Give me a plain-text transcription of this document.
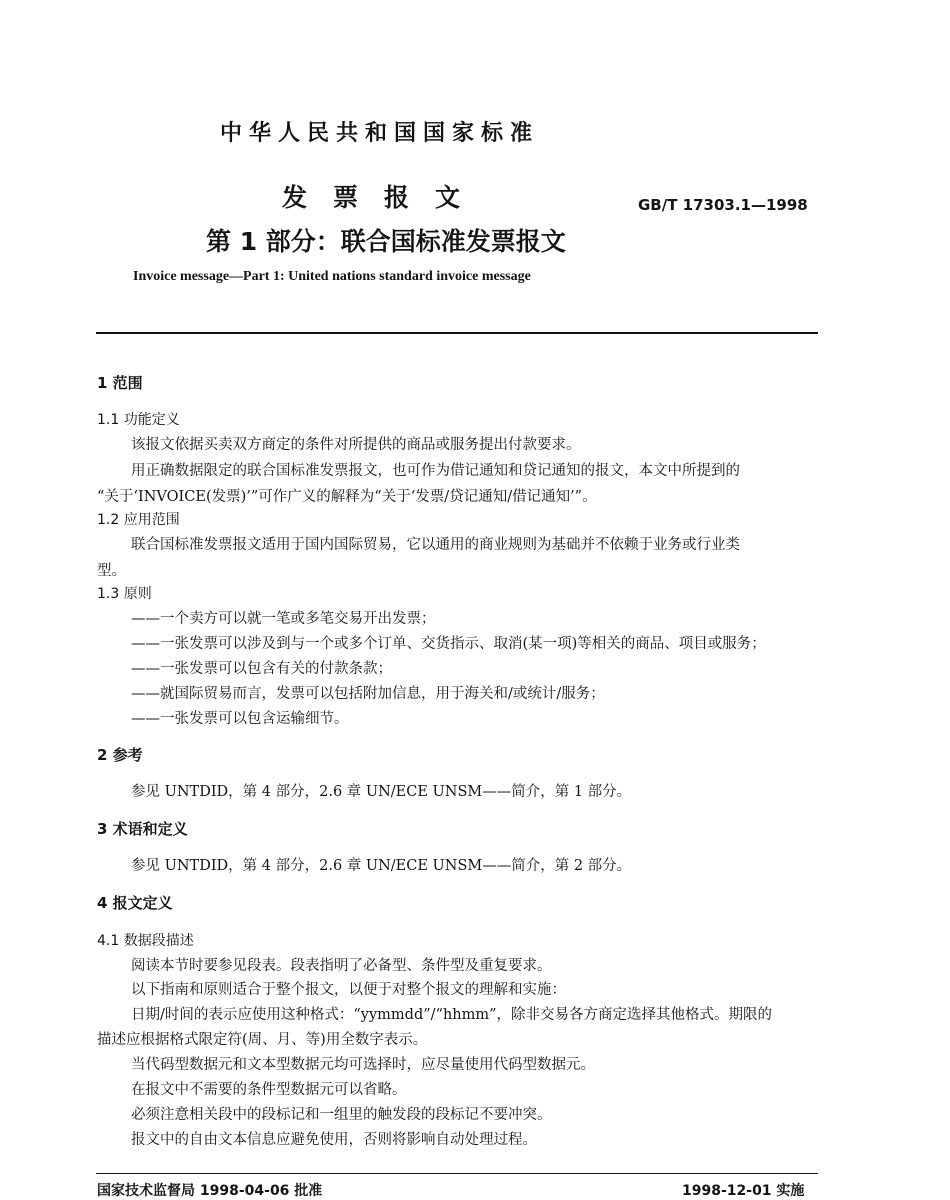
中华人民共和国国家标准
发票报文
第 1 部分：联合国标准发票报文
GB/T 17303.1—1998
Invoice message—Part 1: United nations standard invoice message
1 范围
1.1 功能定义
该报文依据买卖双方商定的条件对所提供的商品或服务提出付款要求。
用正确数据限定的联合国标准发票报文，也可作为借记通知和贷记通知的报文，本文中所提到的
“关于‘INVOICE(发票)’”可作广义的解释为“关于‘发票/贷记通知/借记通知’”。
1.2 应用范围
联合国标准发票报文适用于国内国际贸易，它以通用的商业规则为基础并不依赖于业务或行业类
型。
1.3 原则
——一个卖方可以就一笔或多笔交易开出发票；
——一张发票可以涉及到与一个或多个订单、交货指示、取消(某一项)等相关的商品、项目或服务；
——一张发票可以包含有关的付款条款；
——就国际贸易而言，发票可以包括附加信息，用于海关和/或统计/服务；
——一张发票可以包含运输细节。
2 参考
参见 UNTDID，第 4 部分，2.6 章 UN/ECE UNSM——简介，第 1 部分。
3 术语和定义
参见 UNTDID，第 4 部分，2.6 章 UN/ECE UNSM——简介，第 2 部分。
4 报文定义
4.1 数据段描述
阅读本节时要参见段表。段表指明了必备型、条件型及重复要求。
以下指南和原则适合于整个报文，以便于对整个报文的理解和实施：
日期/时间的表示应使用这种格式：“yymmdd”/“hhmm”，除非交易各方商定选择其他格式。期限的
描述应根据格式限定符(周、月、等)用全数字表示。
当代码型数据元和文本型数据元均可选择时，应尽量使用代码型数据元。
在报文中不需要的条件型数据元可以省略。
必须注意相关段中的段标记和一组里的触发段的段标记不要冲突。
报文中的自由文本信息应避免使用，否则将影响自动处理过程。
国家技术监督局 1998-04-06 批准	1998-12-01 实施
